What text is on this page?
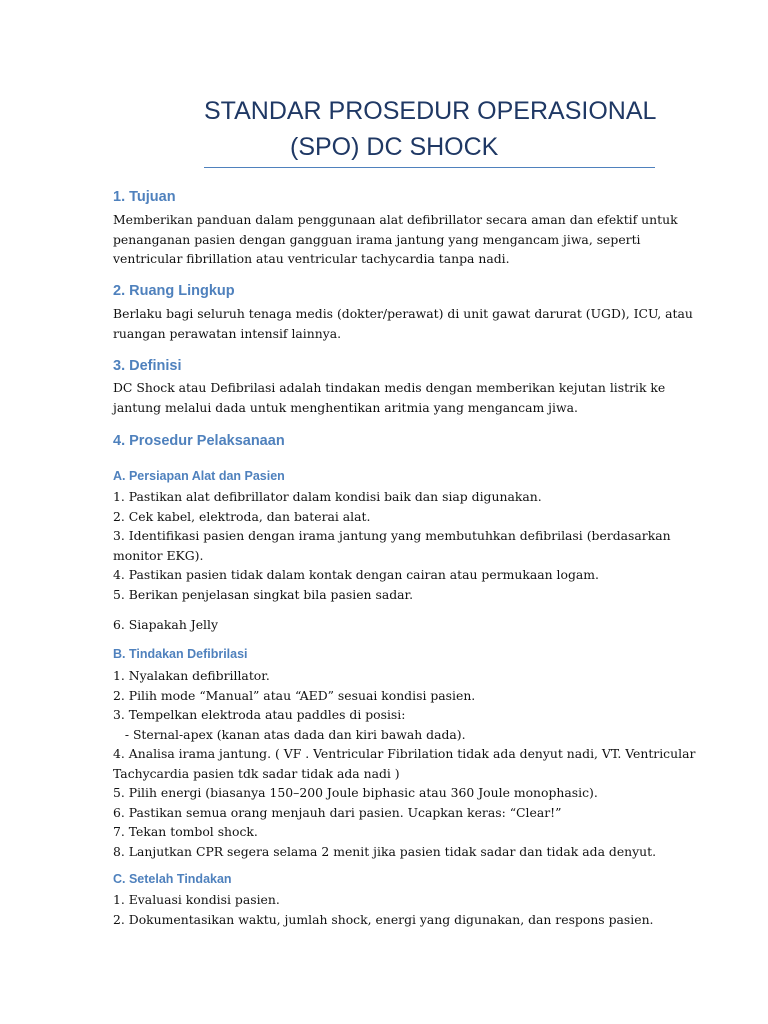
STANDAR PROSEDUR OPERASIONAL
(SPO) DC SHOCK
1. Tujuan
Memberikan panduan dalam penggunaan alat defibrillator secara aman dan efektif untuk
penanganan pasien dengan gangguan irama jantung yang mengancam jiwa, seperti
ventricular fibrillation atau ventricular tachycardia tanpa nadi.
2. Ruang Lingkup
Berlaku bagi seluruh tenaga medis (dokter/perawat) di unit gawat darurat (UGD), ICU, atau
ruangan perawatan intensif lainnya.
3. Definisi
DC Shock atau Defibrilasi adalah tindakan medis dengan memberikan kejutan listrik ke
jantung melalui dada untuk menghentikan aritmia yang mengancam jiwa.
4. Prosedur Pelaksanaan
A. Persiapan Alat dan Pasien
1. Pastikan alat defibrillator dalam kondisi baik dan siap digunakan.
2. Cek kabel, elektroda, dan baterai alat.
3. Identifikasi pasien dengan irama jantung yang membutuhkan defibrilasi (berdasarkan
monitor EKG).
4. Pastikan pasien tidak dalam kontak dengan cairan atau permukaan logam.
5. Berikan penjelasan singkat bila pasien sadar.
6. Siapakah Jelly
B. Tindakan Defibrilasi
1. Nyalakan defibrillator.
2. Pilih mode “Manual” atau “AED” sesuai kondisi pasien.
3. Tempelkan elektroda atau paddles di posisi:
- Sternal-apex (kanan atas dada dan kiri bawah dada).
4. Analisa irama jantung. ( VF . Ventricular Fibrilation tidak ada denyut nadi, VT. Ventricular
Tachycardia pasien tdk sadar tidak ada nadi )
5. Pilih energi (biasanya 150–200 Joule biphasic atau 360 Joule monophasic).
6. Pastikan semua orang menjauh dari pasien. Ucapkan keras: “Clear!”
7. Tekan tombol shock.
8. Lanjutkan CPR segera selama 2 menit jika pasien tidak sadar dan tidak ada denyut.
C. Setelah Tindakan
1. Evaluasi kondisi pasien.
2. Dokumentasikan waktu, jumlah shock, energi yang digunakan, dan respons pasien.
